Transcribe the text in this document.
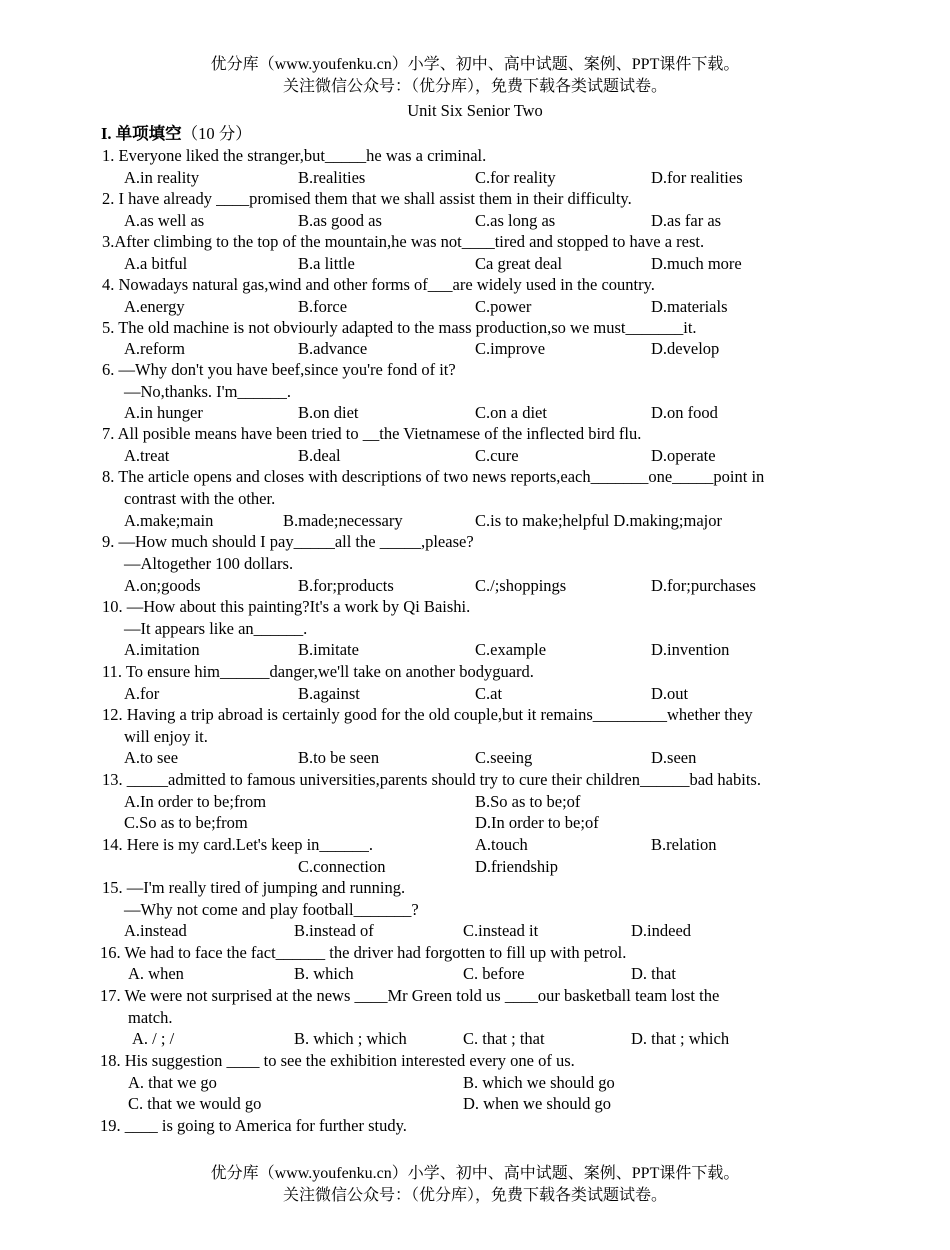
优分库（www.youfenku.cn）小学、初中、高中试题、案例、PPT课件下载。
关注微信公众号：（优分库），免费下载各类试题试卷。
Unit Six Senior Two
I. 单项填空（10 分）
1. Everyone liked the stranger,but_____he was a criminal.
A.in reality	B.realities	C.for reality	D.for realities
2. I have already ____promised them that we shall assist them in their difficulty.
A.as well as	B.as good as	C.as long as	D.as far as
3.After climbing to the top of the mountain,he was not____tired and stopped to have a rest.
A.a bitful	B.a little	Ca great deal	D.much more
4. Nowadays natural gas,wind and other forms of___are widely used in the country.
A.energy	B.force	C.power	D.materials
5. The old machine is not obviourly adapted to the mass production,so we must_______it.
A.reform	B.advance	C.improve	D.develop
6. —Why don't you have beef,since you're fond of it?
—No,thanks. I'm______.
A.in hunger	B.on diet	C.on a diet	D.on food
7. All posible means have been tried to __the Vietnamese of the inflected bird flu.
A.treat	B.deal	C.cure	D.operate
8. The article opens and closes with descriptions of two news reports,each_______one_____point in
contrast with the other.
A.make;main	B.made;necessary	C.is to make;helpful D.making;major
9. —How much should I pay_____all the _____,please?
—Altogether 100 dollars.
A.on;goods	B.for;products	C./;shoppings	D.for;purchases
10. —How about this painting?It's a work by Qi Baishi.
—It appears like an______.
A.imitation	B.imitate	C.example	D.invention
11. To ensure him______danger,we'll take on another bodyguard.
A.for	B.against	C.at	D.out
12. Having a trip abroad is certainly good for the old couple,but it remains_________whether they
will enjoy it.
A.to see	B.to be seen	C.seeing	D.seen
13. _____admitted to famous universities,parents should try to cure their children______bad habits.
A.In order to be;from	B.So as to be;of
C.So as to be;from	D.In order to be;of
14. Here is my card.Let's keep in______.	A.touch	B.relation
C.connection	D.friendship
15. —I'm really tired of jumping and running.
—Why not come and play football_______?
A.instead	B.instead of	C.instead it	D.indeed
16. We had to face the fact______ the driver had forgotten to fill up with petrol.
A. when	B. which	C. before	D. that
17. We were not surprised at the news ____Mr Green told us ____our basketball team lost the
match.
A. / ; /	B. which ; which	C. that ; that	D. that ; which
18. His suggestion ____ to see the exhibition interested every one of us.
A. that we go	B. which we should go
C. that we would go	D. when we should go
19. ____ is going to America for further study.
优分库（www.youfenku.cn）小学、初中、高中试题、案例、PPT课件下载。
关注微信公众号：（优分库），免费下载各类试题试卷。
